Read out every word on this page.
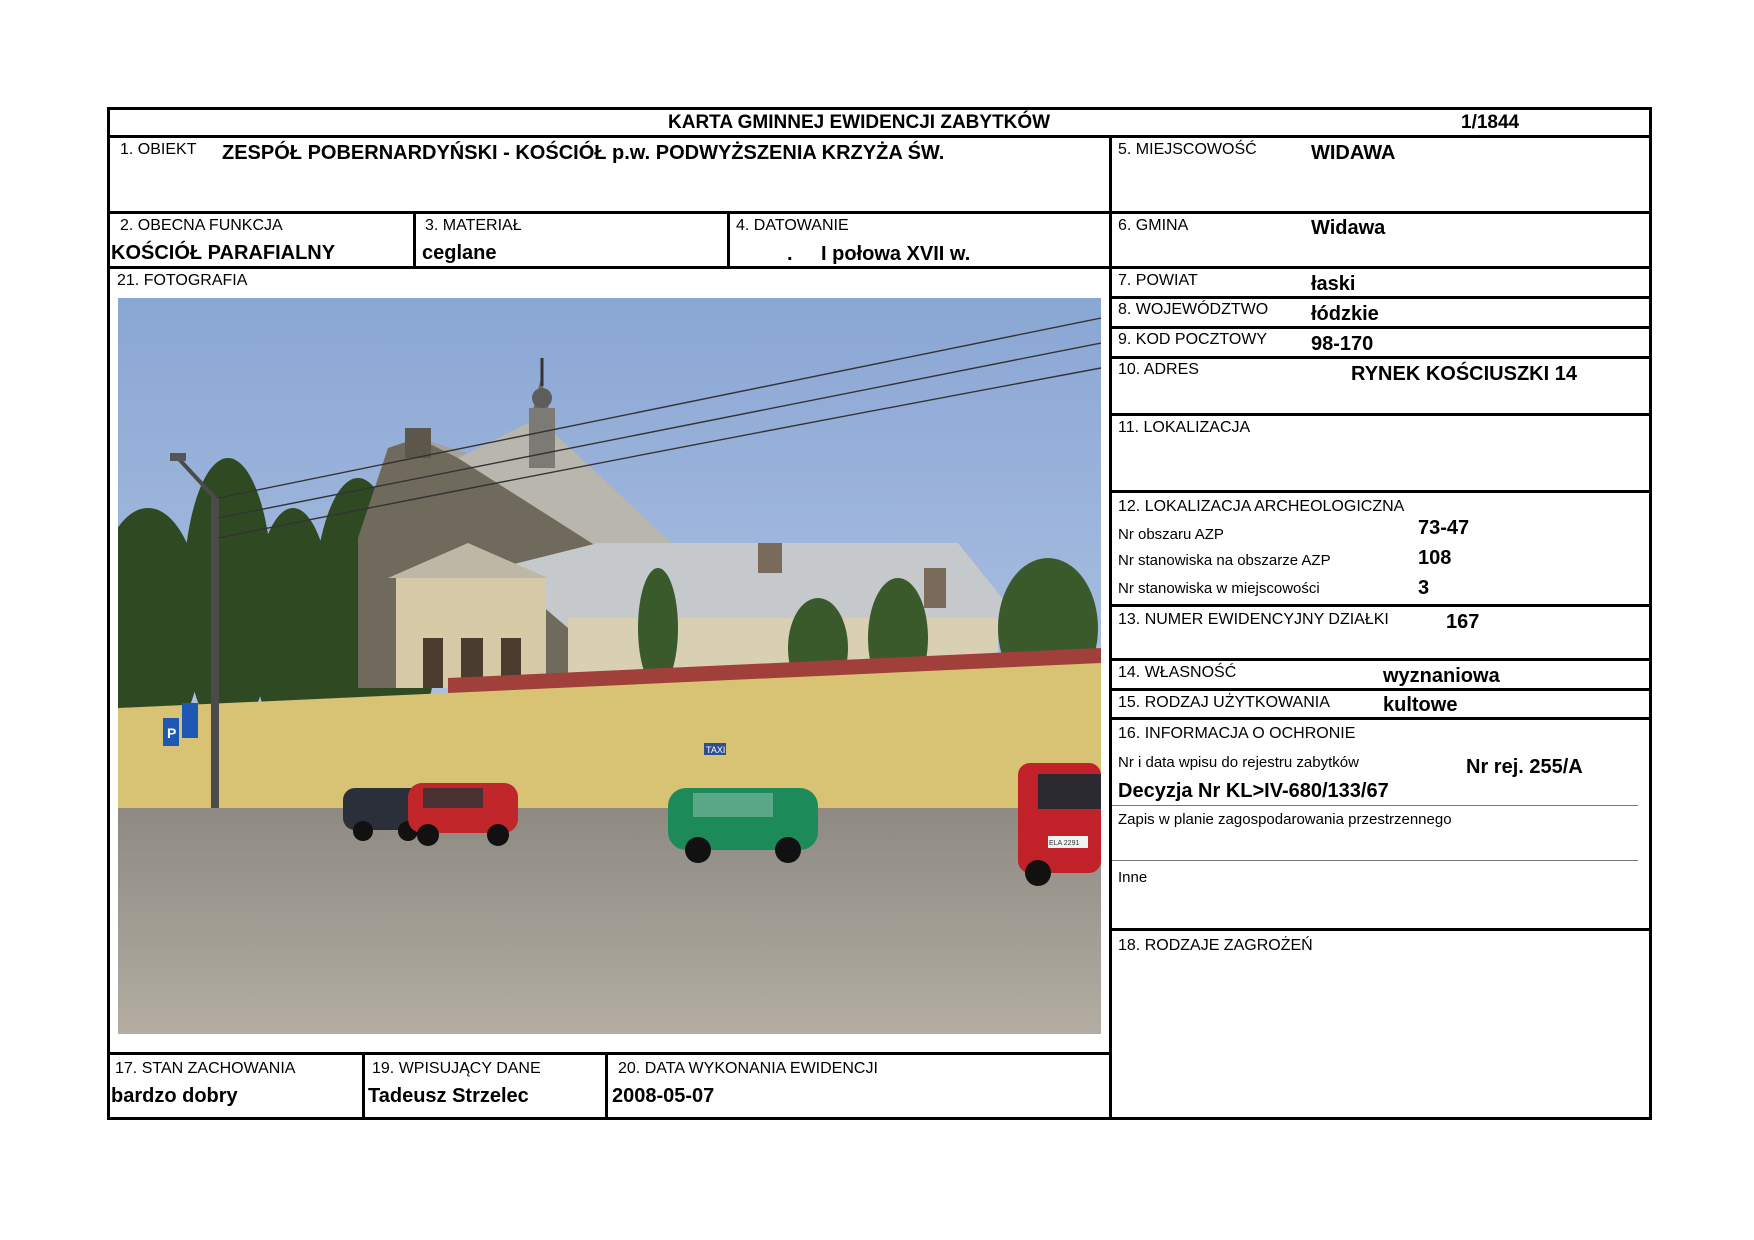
KARTA GMINNEJ EWIDENCJI ZABYTKÓW	1/1844
1. OBIEKT ZESPÓŁ POBERNARDYŃSKI - KOŚCIÓŁ p.w. PODWYŻSZENIA KRZYŻA ŚW.	5. MIEJSCOWOŚĆ	WIDAWA
2. OBECNA FUNKCJA
KOŚCIÓŁ PARAFIALNY
3. MATERIAŁ
ceglane
4. DATOWANIE
. I połowa XVII w.
6. GMINA	Widawa
7. POWIAT	łaski
8. WOJEWÓDZTWO łódzkie
9. KOD POCZTOWY 98-170
10. ADRES	RYNEK KOŚCIUSZKI 14
11. LOKALIZACJA
12. LOKALIZACJA ARCHEOLOGICZNA
Nr obszaru AZP	73-47
Nr stanowiska na obszarze AZP	108
Nr stanowiska w miejscowości	3
13. NUMER EWIDENCYJNY DZIAŁKI	167
14. WŁASNOŚĆ	wyznaniowa
15. RODZAJ UŻYTKOWANIA	kultowe
16. INFORMACJA O OCHRONIE
Nr i data wpisu do rejestru zabytków	Nr rej. 255/A
Decyzja Nr KL>IV-680/133/67
Zapis w planie zagospodarowania przestrzennego
Inne
18. RODZAJE ZAGROŻEŃ
21. FOTOGRAFIA
P
TAXI
ELA 2291
17. STAN ZACHOWANIA
bardzo dobry
19. WPISUJĄCY DANE
Tadeusz Strzelec
20. DATA WYKONANIA EWIDENCJI
2008-05-07
